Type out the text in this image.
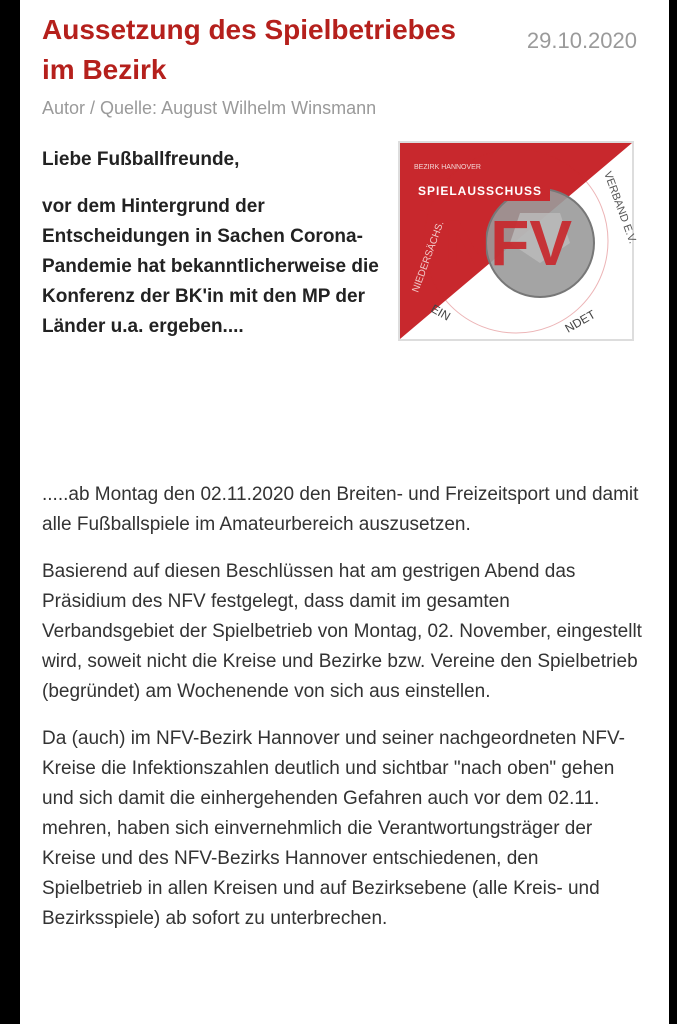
Aussetzung des Spielbetriebes im Bezirk
29.10.2020
Autor / Quelle: August Wilhelm Winsmann

Liebe Fußballfreunde,

vor dem Hintergrund der Entscheidungen in Sachen Corona-Pandemie hat bekanntlicherweise die Konferenz der BK'in mit den MP der Länder u.a. ergeben....

BEZIRK HANNOVER
SPIELAUSSCHUSS
NFV	VERBAND E.V.
NIEDERSÄCHS.
EIN	NDET

.....ab Montag den 02.11.2020 den Breiten- und Freizeitsport und damit alle Fußballspiele im Amateurbereich auszusetzen.

Basierend auf diesen Beschlüssen hat am gestrigen Abend das Präsidium des NFV festgelegt, dass damit im gesamten Verbandsgebiet der Spielbetrieb von Montag, 02. November, eingestellt wird, soweit nicht die Kreise und Bezirke bzw. Vereine den Spielbetrieb (begründet) am Wochenende von sich aus einstellen.

Da (auch) im NFV-Bezirk Hannover und seiner nachgeordneten NFV-Kreise die Infektionszahlen deutlich und sichtbar "nach oben" gehen und sich damit die einhergehenden Gefahren auch vor dem 02.11. mehren, haben sich einvernehmlich die Verantwortungsträger der Kreise und des NFV-Bezirks Hannover entschiedenen, den Spielbetrieb in allen Kreisen und auf Bezirksebene (alle Kreis- und Bezirksspiele) ab sofort zu unterbrechen.
